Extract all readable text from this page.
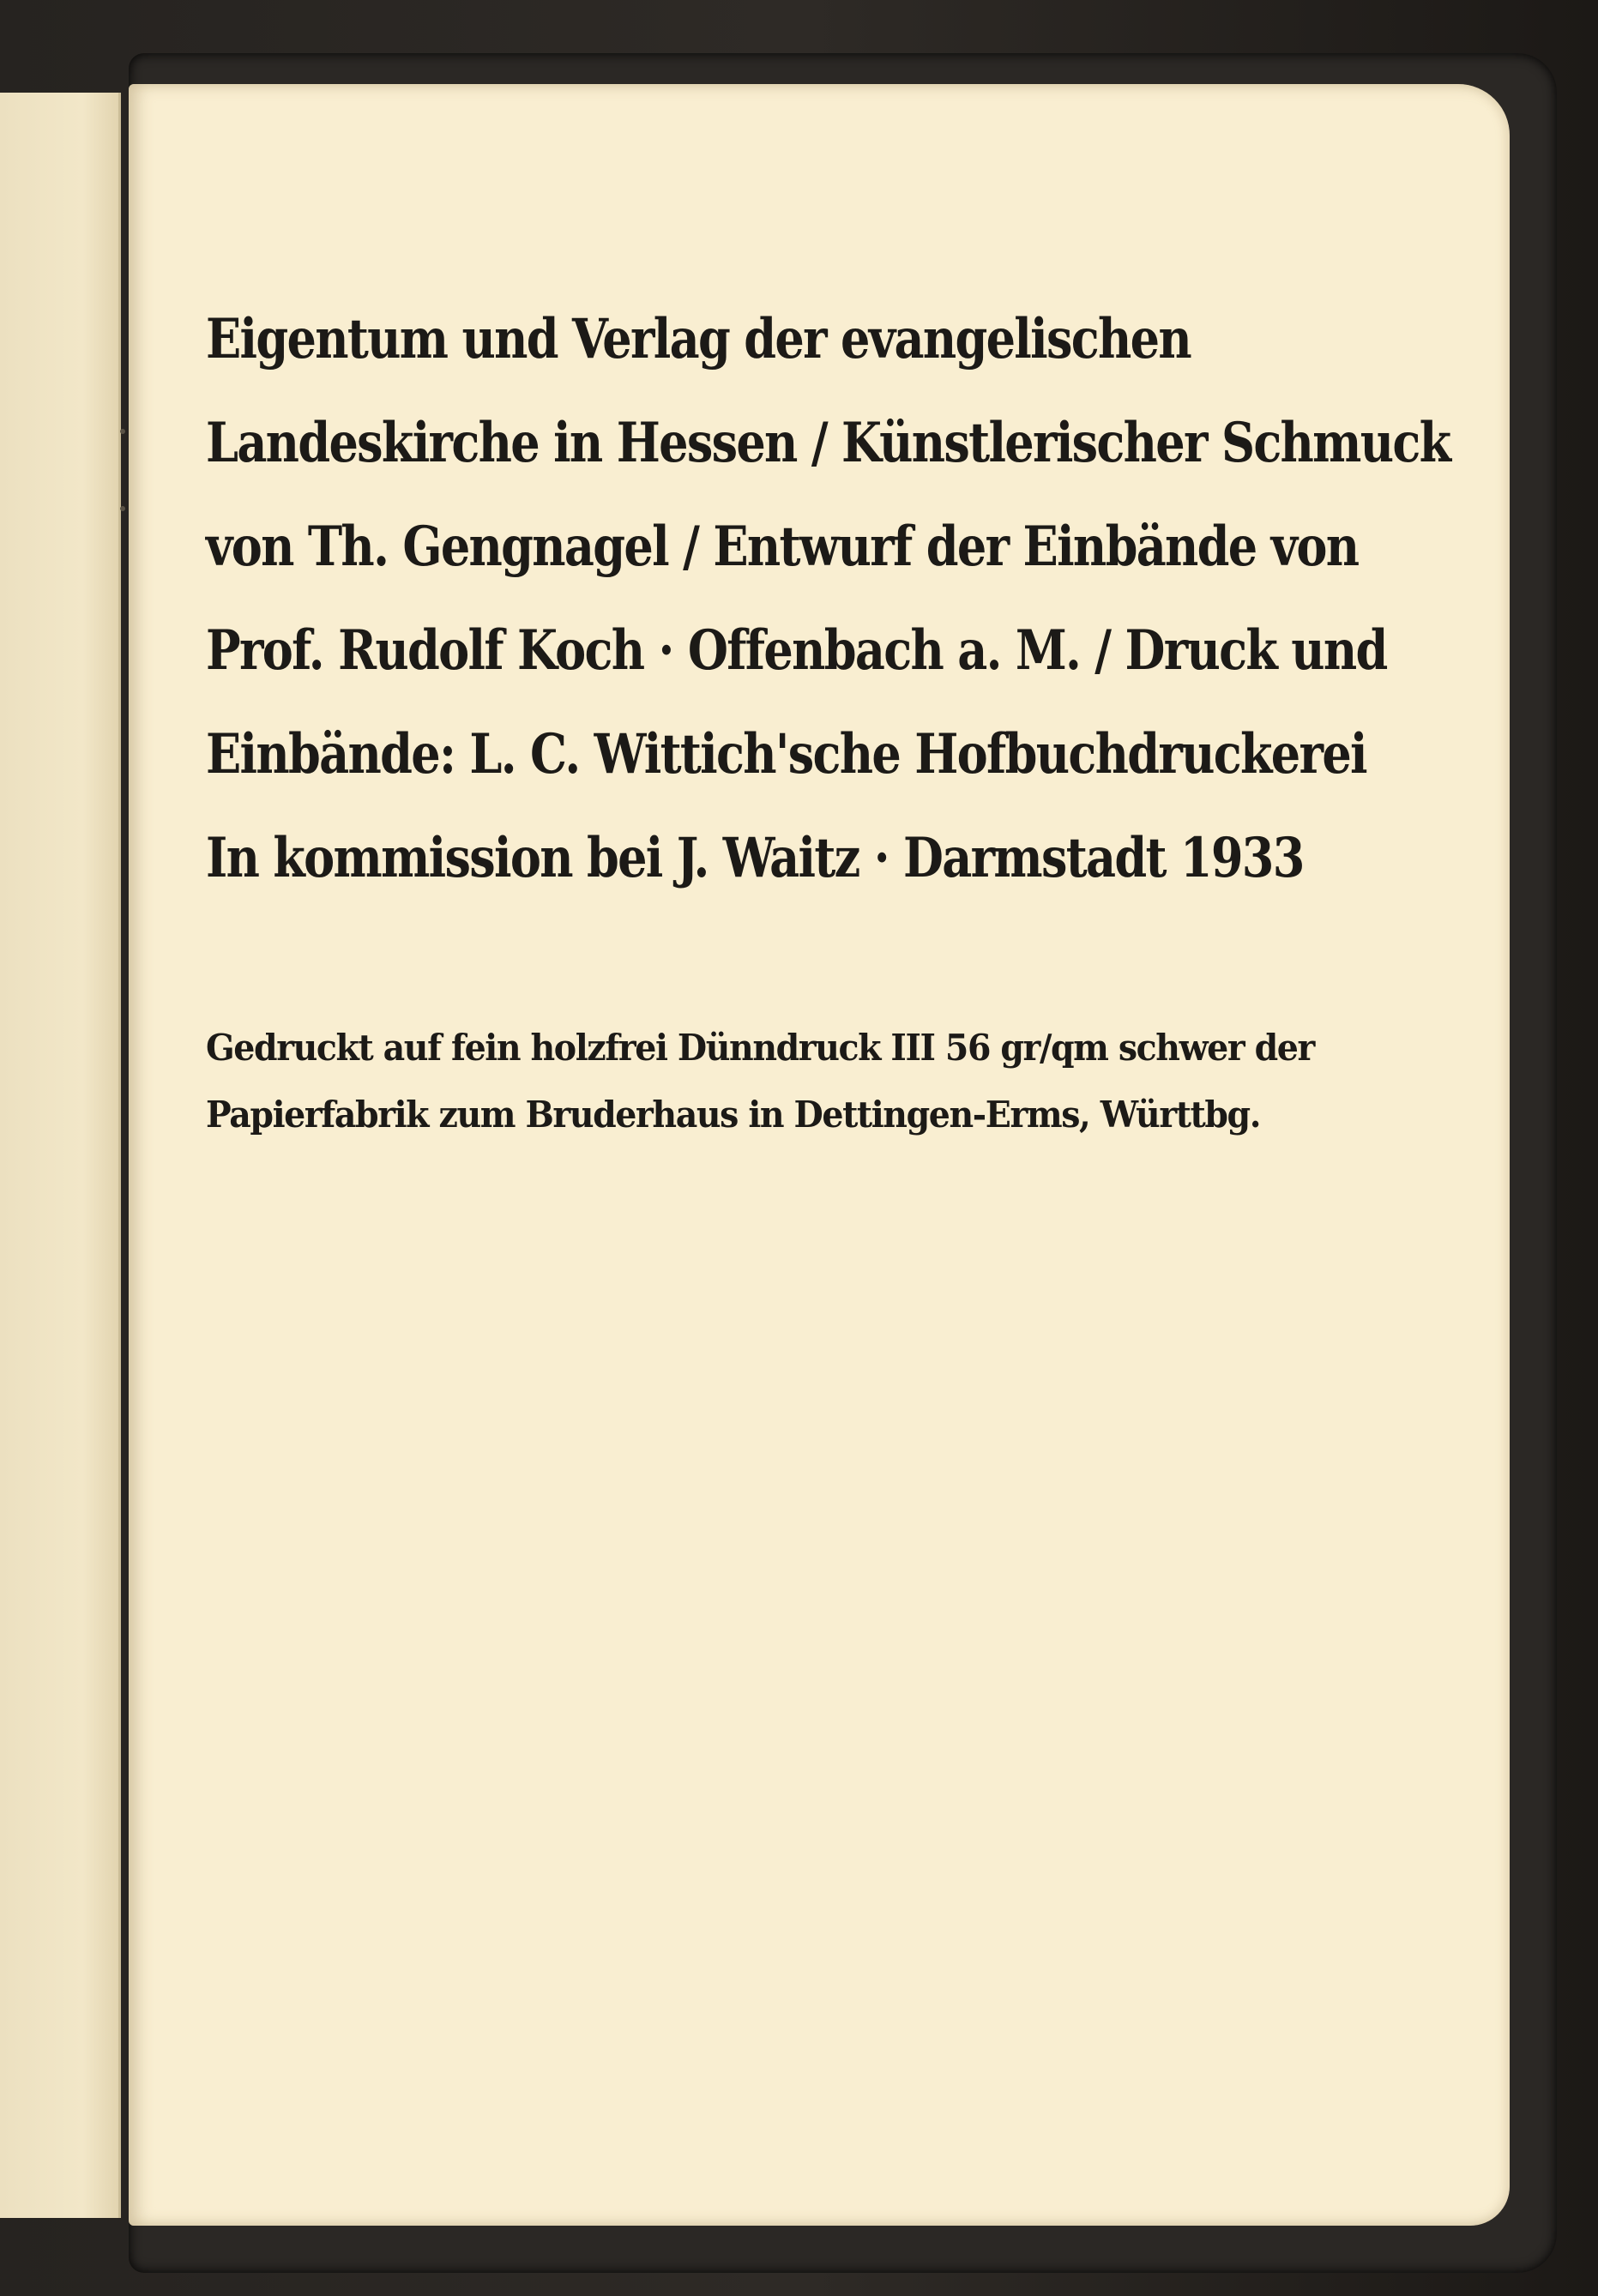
Eigentum und Verlag der evangelischen

Landeskirche in Hessen / Künstlerischer Schmuck

von Th. Gengnagel / Entwurf der Einbände von

Prof. Rudolf Koch · Offenbach a. M. / Druck und

Einbände: L. C. Wittich'sche Hofbuchdruckerei

In kommission bei J. Waitz · Darmstadt 1933

Gedruckt auf fein holzfrei Dünndruck III 56 gr/qm schwer der

Papierfabrik zum Bruderhaus in Dettingen-Erms, Württbg.
